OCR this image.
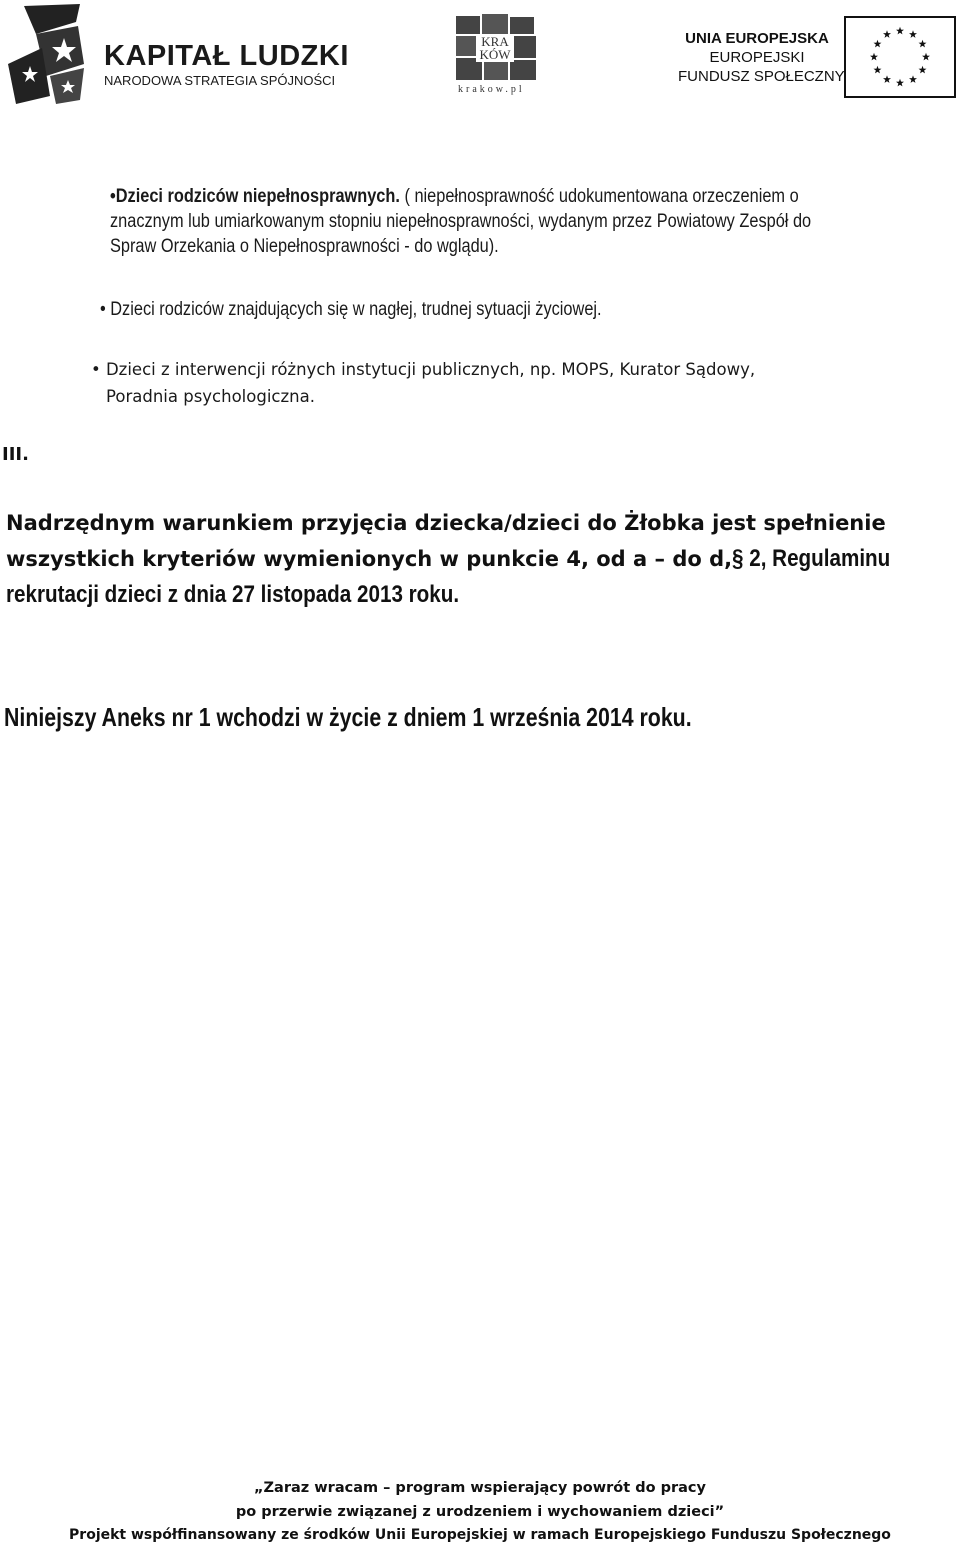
KAPITAŁ LUDZKI
NARODOWA STRATEGIA SPÓJNOŚCI
KRA
KÓW
krakow.pl
UNIA EUROPEJSKA
EUROPEJSKI
FUNDUSZ SPOŁECZNY
•Dzieci rodziców niepełnosprawnych. ( niepełnosprawność udokumentowana orzeczeniem o
znacznym lub umiarkowanym stopniu niepełnosprawności, wydanym przez Powiatowy Zespół do
Spraw Orzekania o Niepełnosprawności - do wglądu).
• Dzieci rodziców znajdujących się w nagłej, trudnej sytuacji życiowej.
• Dzieci z interwencji różnych instytucji publicznych, np. MOPS, Kurator Sądowy,
Poradnia psychologiczna.
III.
Nadrzędnym warunkiem przyjęcia dziecka/dzieci do Żłobka jest spełnienie
wszystkich kryteriów wymienionych w punkcie 4, od a – do d,§ 2, Regulaminu
rekrutacji dzieci z dnia 27 listopada 2013 roku.
Niniejszy Aneks nr 1 wchodzi w życie z dniem 1 września 2014 roku.
„Zaraz wracam – program wspierający powrót do pracy
po przerwie związanej z urodzeniem i wychowaniem dzieci”
Projekt współfinansowany ze środków Unii Europejskiej w ramach Europejskiego Funduszu Społecznego
